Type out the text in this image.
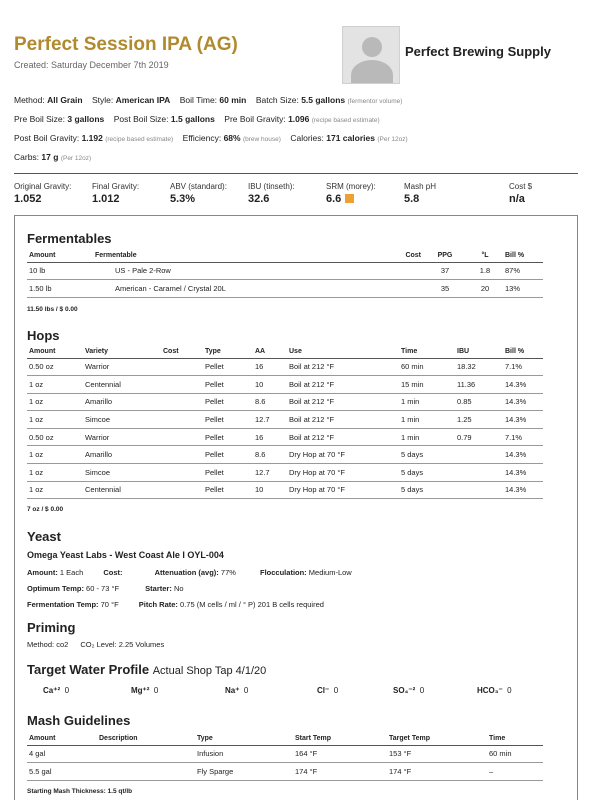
Perfect Session IPA (AG)
Created: Saturday December 7th 2019
Perfect Brewing Supply
Method: All Grain Style: American IPA Boil Time: 60 min Batch Size: 5.5 gallons (fermentor volume)
Pre Boil Size: 3 gallons Post Boil Size: 1.5 gallons Pre Boil Gravity: 1.096 (recipe based estimate)
Post Boil Gravity: 1.192 (recipe based estimate) Efficiency: 68% (brew house) Calories: 171 calories (Per 12oz)
Carbs: 17 g (Per 12oz)
Original Gravity:
1.052
Final Gravity:
1.012
ABV (standard):
5.3%
IBU (tinseth):
32.6
SRM (morey):
6.6
Mash pH
5.8
Cost $
n/a
Fermentables
Amount	Fermentable	Cost	PPG	°L	Bill %
10 lb	US - Pale 2-Row		37	1.8	87%
1.50 lb	American - Caramel / Crystal 20L		35	20	13%
11.50 lbs / $ 0.00
Hops
Amount	Variety	Cost	Type	AA	Use	Time	IBU	Bill %
0.50 oz	Warrior		Pellet	16	Boil at 212 °F	60 min	18.32	7.1%
1 oz	Centennial		Pellet	10	Boil at 212 °F	15 min	11.36	14.3%
1 oz	Amarillo		Pellet	8.6	Boil at 212 °F	1 min	0.85	14.3%
1 oz	Simcoe		Pellet	12.7	Boil at 212 °F	1 min	1.25	14.3%
0.50 oz	Warrior		Pellet	16	Boil at 212 °F	1 min	0.79	7.1%
1 oz	Amarillo		Pellet	8.6	Dry Hop at 70 °F	5 days		14.3%
1 oz	Simcoe		Pellet	12.7	Dry Hop at 70 °F	5 days		14.3%
1 oz	Centennial		Pellet	10	Dry Hop at 70 °F	5 days		14.3%
7 oz / $ 0.00
Yeast
Omega Yeast Labs - West Coast Ale I OYL-004
Amount: 1 Each	Cost:	Attenuation (avg): 77%	Flocculation: Medium-Low
Optimum Temp: 60 - 73 °F	Starter: No
Fermentation Temp: 70 °F	Pitch Rate: 0.75 (M cells / ml / ° P) 201 B cells required
Priming
Method: co2 CO₂ Level: 2.25 Volumes
Target Water Profile Actual Shop Tap 4/1/20
Ca⁺² 0	Mg⁺² 0	Na⁺ 0	Cl⁻ 0	SO₄⁻² 0	HCO₃⁻ 0
Mash Guidelines
Amount	Description	Type	Start Temp	Target Temp	Time
4 gal		Infusion	164 °F	153 °F	60 min
5.5 gal		Fly Sparge	174 °F	174 °F	–
Starting Mash Thickness: 1.5 qt/lb
